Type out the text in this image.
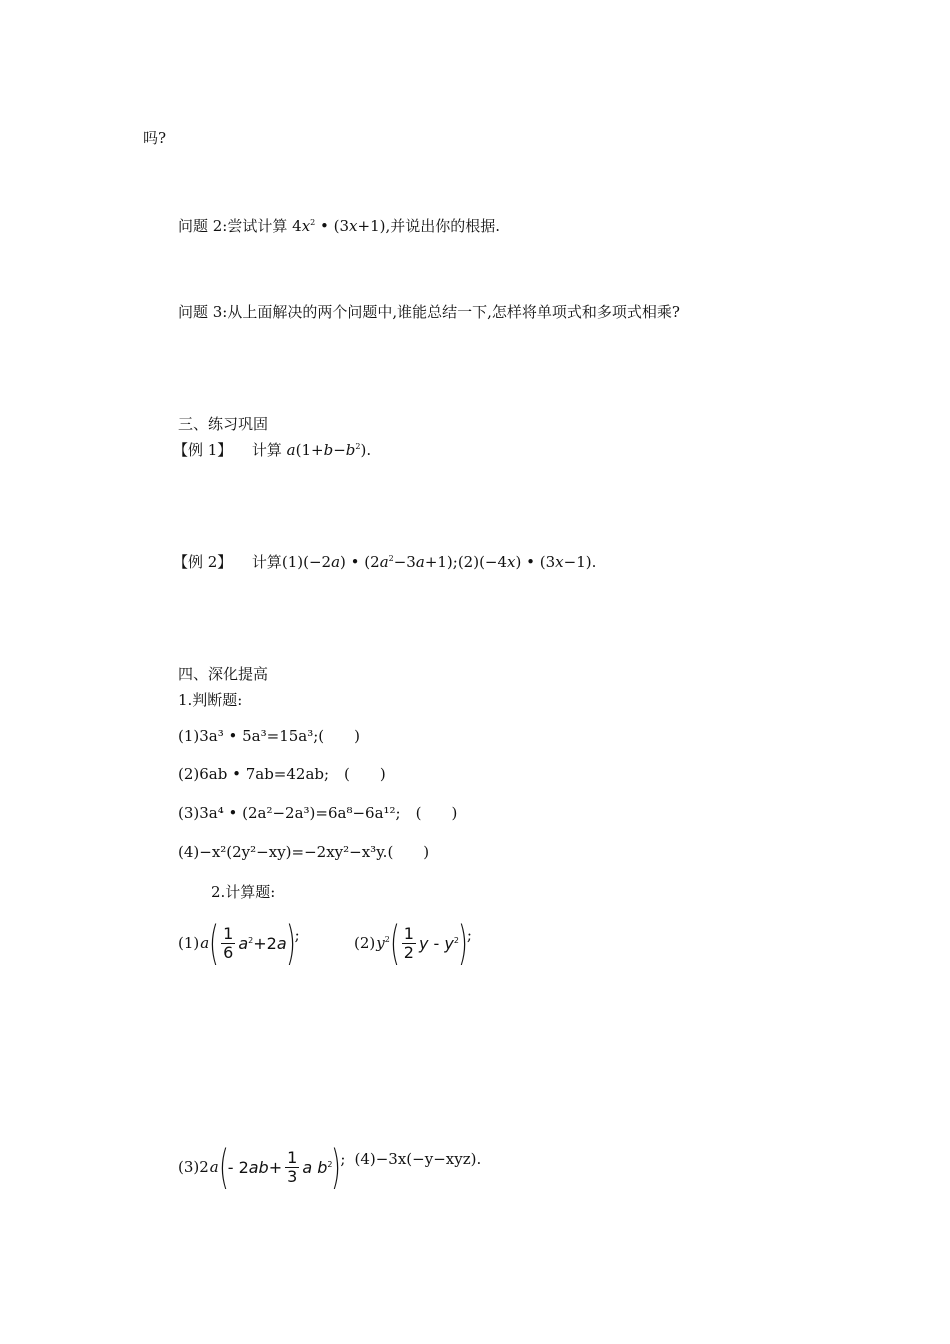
吗?
问题 2:尝试计算 $4x^2$ • (3x+1),并说出你的根据.
问题 3:从上面解决的两个问题中,谁能总结一下,怎样将单项式和多项式相乘?
三、练习巩固
【例 1】 计算 $a(1+b-b^2)$.
【例 2】 计算(1)(−2a) • $(2a^2-3a+1);(2)(-4x)$ • (3x−1).
四、深化提高
1.判断题:
(1)3a³ • 5a³=15a³;(　　)
(2)6ab • 7ab=42ab;　(　　)
(3)3a⁴ • (2a²−2a³)=6a⁸−6a¹²;　(　　)
(4)−x²(2y²−xy)=−2xy²−x³y.(　　)
2.计算题:
(1) a ( $\frac{1}{6} a^2+2a$ ) ;	(2) $y^2$ ( $\frac{1}{2}$ y - $y^2$ ) ;
(3)2 a ( - $2ab+ \frac{1}{3}$ a $b^2$ ) ; (4)−3x(−y−xyz).
